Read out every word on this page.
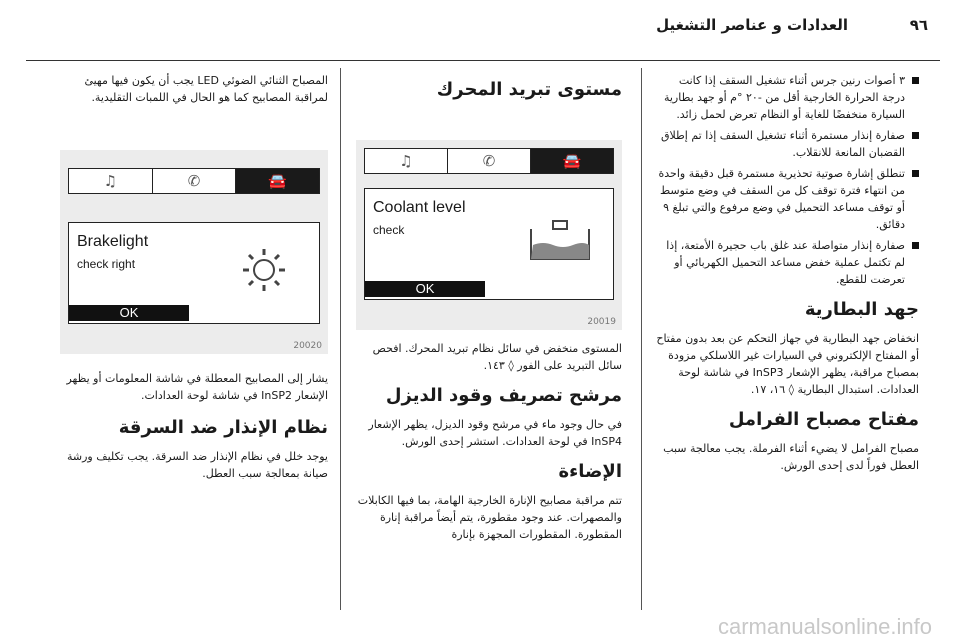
العدادات و عناصر التشغيل	٩٦
٣ أصوات رنين جرس أثناء تشغيل السقف إذا كانت درجة الحرارة الخارجية أقل من -٢٠ °م أو جهد بطارية السيارة منخفضًا للغاية أو النظام تعرض لحمل زائد.
صفارة إنذار مستمرة أثناء تشغيل السقف إذا تم إطلاق القضبان المانعة للانقلاب.
تنطلق إشارة صوتية تحذيرية مستمرة قبل دقيقة واحدة من انتهاء فترة توقف كل من السقف في وضع متوسط أو توقف مساعد التحميل في وضع مرفوع والتي تبلغ ٩ دقائق.
صفارة إنذار متواصلة عند غلق باب حجيرة الأمتعة، إذا لم تكتمل عملية خفض مساعد التحميل الكهربائي أو تعرضت للقطع.
جهد البطارية

انخفاض جهد البطارية في جهاز التحكم عن بعد بدون مفتاح أو المفتاح الإلكتروني في السيارات غير اللاسلكي مزودة بمصباح مراقبة، يظهر الإشعار InSP3 في شاشة لوحة العدادات. استبدال البطارية ◊ ١٦، ١٧.

مفتاح مصباح الفرامل

مصباح الفرامل لا يضيء أثناء الفرملة. يجب معالجة سبب العطل فوراً لدى إحدى الورش.

مستوى تبريد المحرك
♫	✆	🚘
Coolant level
check
OK
20019

المستوى منخفض في سائل نظام تبريد المحرك. افحص سائل التبريد على الفور ◊ ١٤٣.

مرشح تصريف وقود الديزل

في حال وجود ماء في مرشح وقود الديزل، يظهر الإشعار InSP4 في لوحة العدادات. استشر إحدى الورش.

الإضاءة

تتم مراقبة مصابيح الإنارة الخارجية الهامة، بما فيها الكابلات والمصهرات. عند وجود مقطورة، يتم أيضاً مراقبة إنارة المقطورة. المقطورات المجهزة بإنارة

المصباح الثنائي الضوئي LED يجب أن يكون فيها مهيئ لمراقبة المصابيح كما هو الحال في اللمبات التقليدية.

♫	✆	🚘
Brakelight
check right
OK
20020

يشار إلى المصابيح المعطلة في شاشة المعلومات أو يظهر الإشعار InSP2 في شاشة لوحة العدادات.

نظام الإنذار ضد السرقة

يوجد خلل في نظام الإنذار ضد السرقة. يجب تكليف ورشة صيانة بمعالجة سبب العطل.

carmanualsonline.info
